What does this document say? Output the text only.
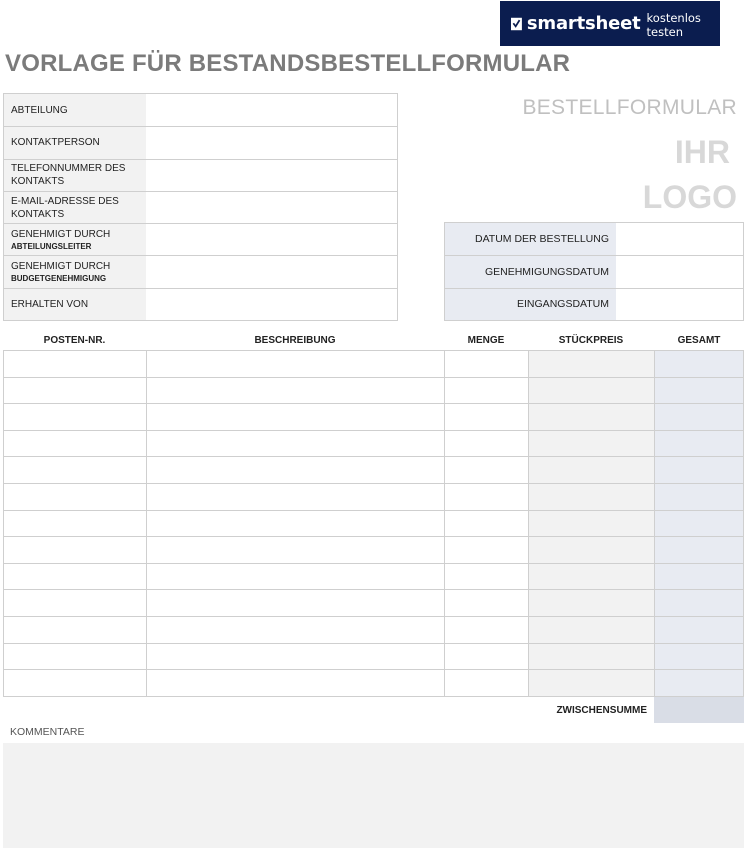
smartsheet kostenlos testen
VORLAGE FÜR BESTANDSBESTELLFORMULAR
ABTEILUNG
KONTAKTPERSON
TELEFONNUMMER DES KONTAKTS
E-MAIL-ADRESSE DES KONTAKTS
GENEHMIGT DURCH
ABTEILUNGSLEITER
GENEHMIGT DURCH
BUDGETGENEHMIGUNG
ERHALTEN VON
BESTELLFORMULAR
IHR
LOGO
DATUM DER BESTELLUNG
GENEHMIGUNGSDATUM
EINGANGSDATUM
POSTEN-NR.	BESCHREIBUNG	MENGE	STÜCKPREIS	GESAMT
ZWISCHENSUMME
KOMMENTARE
